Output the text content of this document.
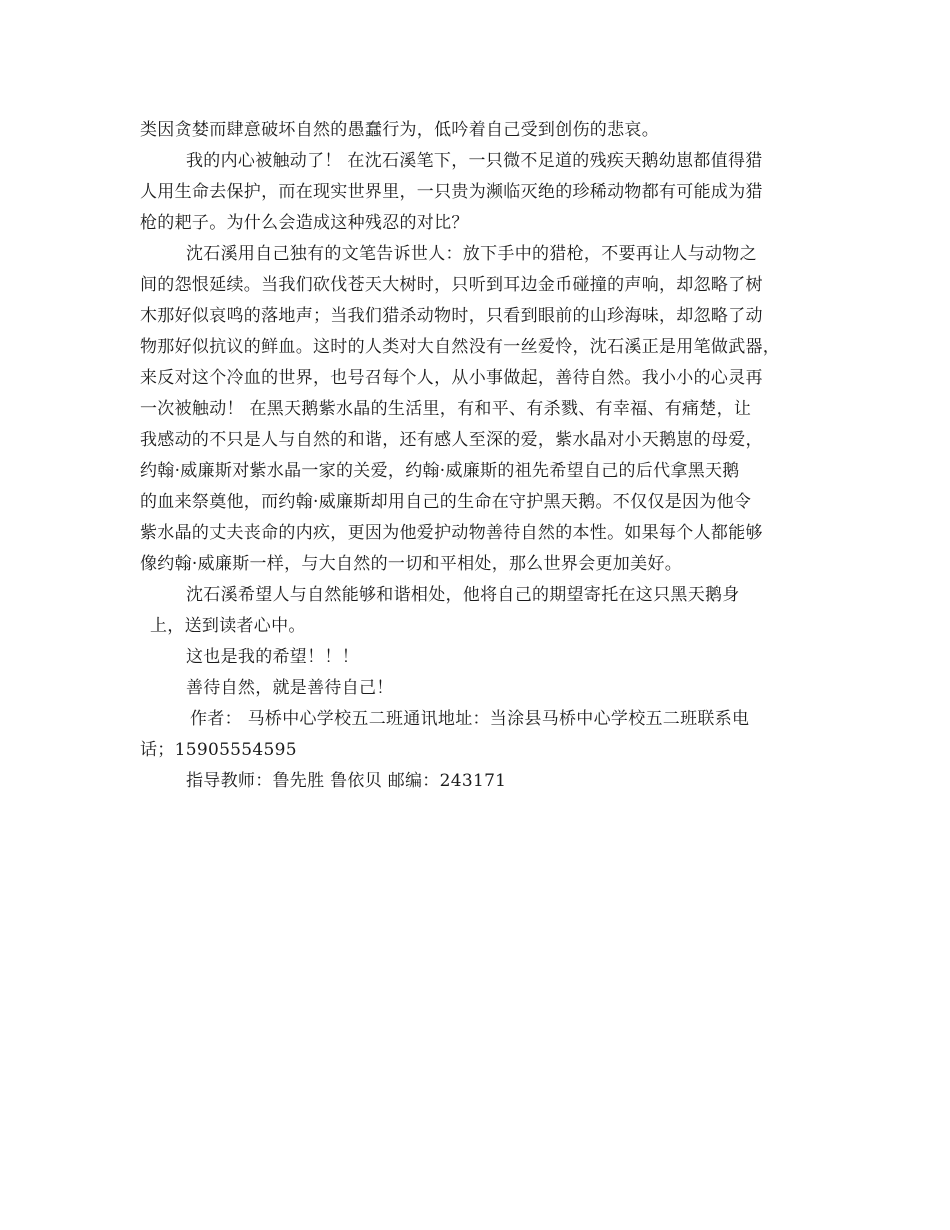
类因贪婪而肆意破坏自然的愚蠢行为，低吟着自己受到创伤的悲哀。
我的内心被触动了！ 在沈石溪笔下，一只微不足道的残疾天鹅幼崽都值得猎
人用生命去保护，而在现实世界里，一只贵为濒临灭绝的珍稀动物都有可能成为猎
枪的耙子。为什么会造成这种残忍的对比？
沈石溪用自己独有的文笔告诉世人：放下手中的猎枪，不要再让人与动物之
间的怨恨延续。当我们砍伐苍天大树时，只听到耳边金币碰撞的声响，却忽略了树
木那好似哀鸣的落地声；当我们猎杀动物时，只看到眼前的山珍海味，却忽略了动
物那好似抗议的鲜血。这时的人类对大自然没有一丝爱怜，沈石溪正是用笔做武器，
来反对这个冷血的世界，也号召每个人，从小事做起，善待自然。我小小的心灵再
一次被触动！ 在黑天鹅紫水晶的生活里，有和平、有杀戮、有幸福、有痛楚，让
我感动的不只是人与自然的和谐，还有感人至深的爱，紫水晶对小天鹅崽的母爱，
约翰·威廉斯对紫水晶一家的关爱，约翰·威廉斯的祖先希望自己的后代拿黑天鹅
的血来祭奠他，而约翰·威廉斯却用自己的生命在守护黑天鹅。不仅仅是因为他令
紫水晶的丈夫丧命的内疚，更因为他爱护动物善待自然的本性。如果每个人都能够
像约翰·威廉斯一样，与大自然的一切和平相处，那么世界会更加美好。
沈石溪希望人与自然能够和谐相处，他将自己的期望寄托在这只黑天鹅身
上，送到读者心中。
这也是我的希望！！！
善待自然，就是善待自己！
作者： 马桥中心学校五二班通讯地址：当涂县马桥中心学校五二班联系电
话；15905554595
指导教师：鲁先胜 鲁依贝 邮编：243171
